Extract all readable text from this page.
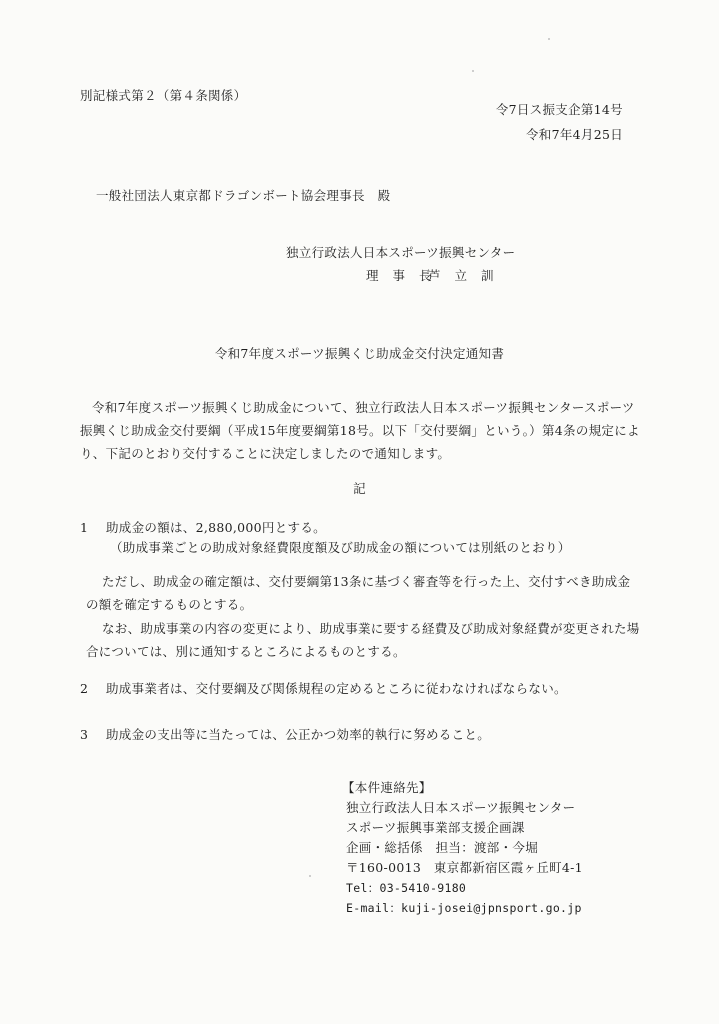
別記様式第２（第４条関係）
令7日ス振支企第14号
令和7年4月25日
一般社団法人東京都ドラゴンボート協会理事長　殿
独立行政法人日本スポーツ振興センター
理事長
芦立訓
令和7年度スポーツ振興くじ助成金交付決定通知書
令和7年度スポーツ振興くじ助成金について、独立行政法人日本スポーツ振興センタースポーツ振興くじ助成金交付要綱（平成15年度要綱第18号。以下「交付要綱」という。）第4条の規定により、下記のとおり交付することに決定しましたので通知します。
記
1 助成金の額は、2,880,000円とする。
（助成事業ごとの助成対象経費限度額及び助成金の額については別紙のとおり）
ただし、助成金の確定額は、交付要綱第13条に基づく審査等を行った上、交付すべき助成金の額を確定するものとする。
なお、助成事業の内容の変更により、助成事業に要する経費及び助成対象経費が変更された場合については、別に通知するところによるものとする。
2 助成事業者は、交付要綱及び関係規程の定めるところに従わなければならない。
3 助成金の支出等に当たっては、公正かつ効率的執行に努めること。
【本件連絡先】
独立行政法人日本スポーツ振興センター
スポーツ振興事業部支援企画課
企画・総括係　担当：渡部・今堀
〒160-0013　東京都新宿区霞ヶ丘町4-1
Tel：03-5410-9180
E-mail：kuji-josei@jpnsport.go.jp
